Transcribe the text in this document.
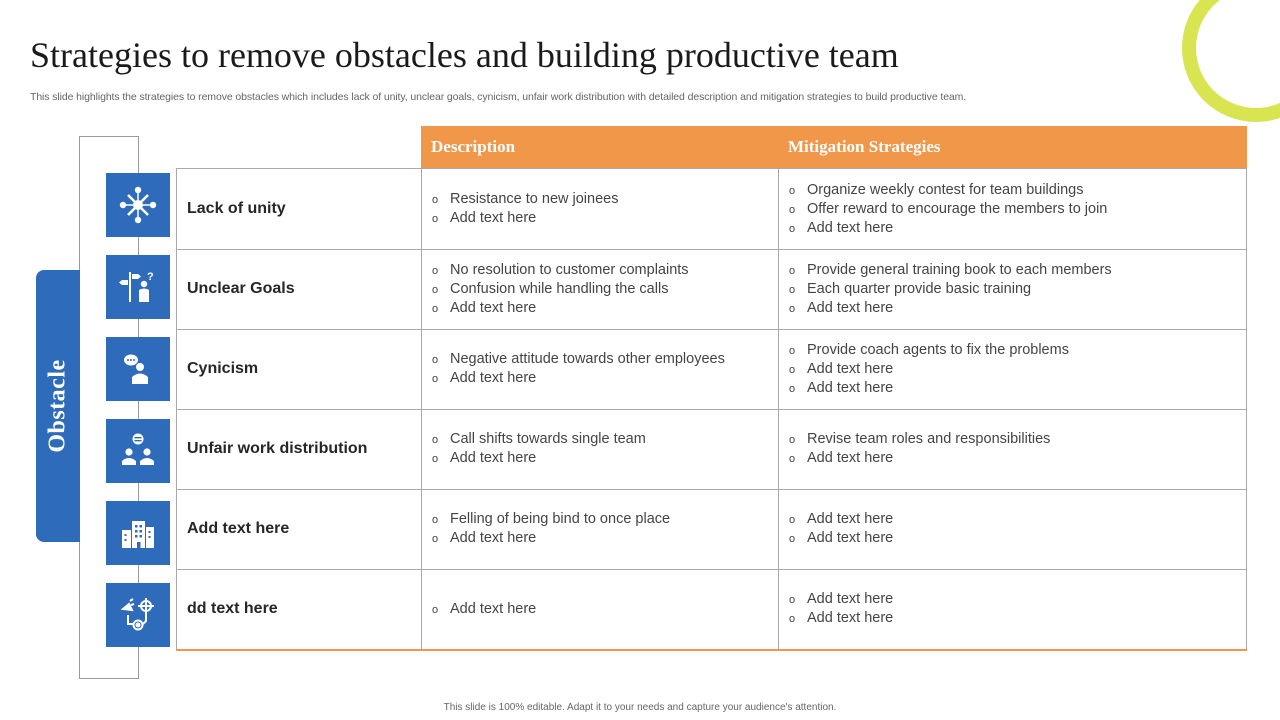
Strategies to remove obstacles and building productive team

This slide highlights the strategies to remove obstacles which includes lack of unity, unclear goals, cynicism, unfair work distribution with detailed description and mitigation strategies to build productive team.

Obstacle
?
Description	Mitigation Strategies
Lack of unity
o Resistance to new joinees
o Add text here
o Organize weekly contest for team buildings
o Offer reward to encourage the members to join
o Add text here
Unclear Goals
o No resolution to customer complaints
o Confusion while handling the calls
o Add text here
o Provide general training book to each members
o Each quarter provide basic training
o Add text here
Cynicism
o Negative attitude towards other employees
o Add text here
o Provide coach agents to fix the problems
o Add text here
o Add text here
Unfair work distribution
o Call shifts towards single team
o Add text here
o Revise team roles and responsibilities
o Add text here
Add text here
o Felling of being bind to once place
o Add text here
o Add text here
o Add text here
dd text here	o Add text here
o Add text here
o Add text here

This slide is 100% editable. Adapt it to your needs and capture your audience's attention.
